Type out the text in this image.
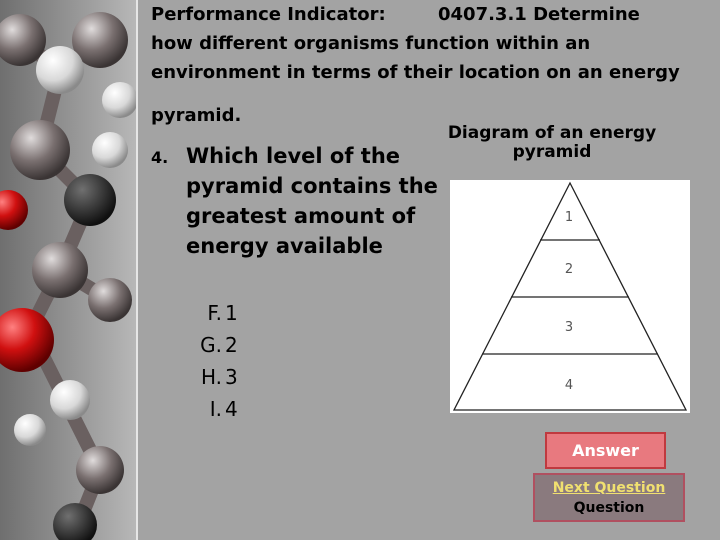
Performance Indicator:	0407.3.1 Determine
how different organisms function within an
environment in terms of their location on an energy
pyramid.
4. Which level of the pyramid contains the greatest amount of energy available
F. 1
G. 2
H. 3
I. 4
Diagram of an energy pyramid
1
2
3
4
Answer
Next Question
Question
